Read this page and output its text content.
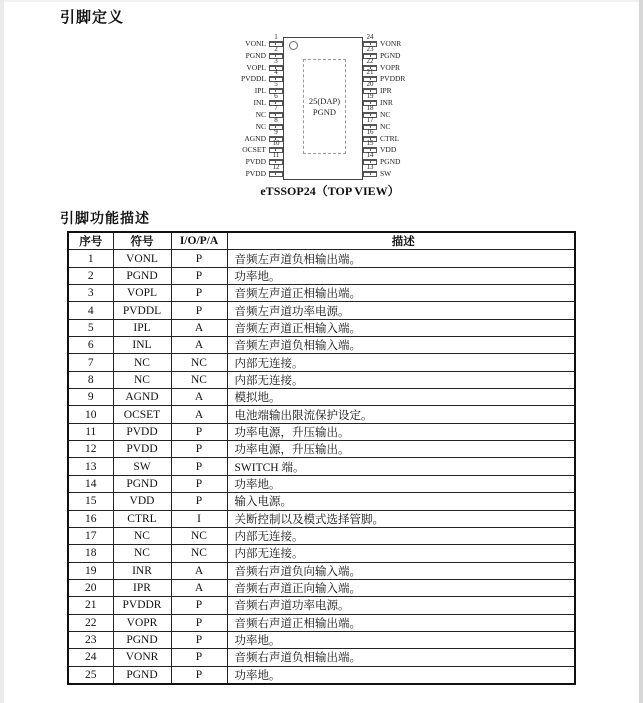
引脚定义
25(DAP)
PGND
1
VONL
2
PGND
3
VOPL
4
PVDDL
5
IPL
6
INL
7
NC
8
NC
9
AGND
10
OCSET
11
PVDD
12
PVDD
24
VONR
23
PGND
22
VOPR
21
PVDDR
20
IPR
19
INR
18
NC
17
NC
16
CTRL
15
VDD
14
PGND
13
SW
eTSSOP24（TOP VIEW）
引脚功能描述
序号	符号	I/O/P/A	描述
1	VONL	P	音频左声道负相输出端。
2	PGND	P	功率地。
3	VOPL	P	音频左声道正相输出端。
4	PVDDL	P	音频左声道功率电源。
5	IPL	A	音频左声道正相输入端。
6	INL	A	音频左声道负相输入端。
7	NC	NC	内部无连接。
8	NC	NC	内部无连接。
9	AGND	A	模拟地。
10	OCSET	A	电池端输出限流保护设定。
11	PVDD	P	功率电源，升压输出。
12	PVDD	P	功率电源，升压输出。
13	SW	P	SWITCH 端。
14	PGND	P	功率地。
15	VDD	P	输入电源。
16	CTRL	I	关断控制以及模式选择管脚。
17	NC	NC	内部无连接。
18	NC	NC	内部无连接。
19	INR	A	音频右声道负向输入端。
20	IPR	A	音频右声道正向输入端。
21	PVDDR	P	音频右声道功率电源。
22	VOPR	P	音频右声道正相输出端。
23	PGND	P	功率地。
24	VONR	P	音频右声道负相输出端。
25	PGND	P	功率地。
